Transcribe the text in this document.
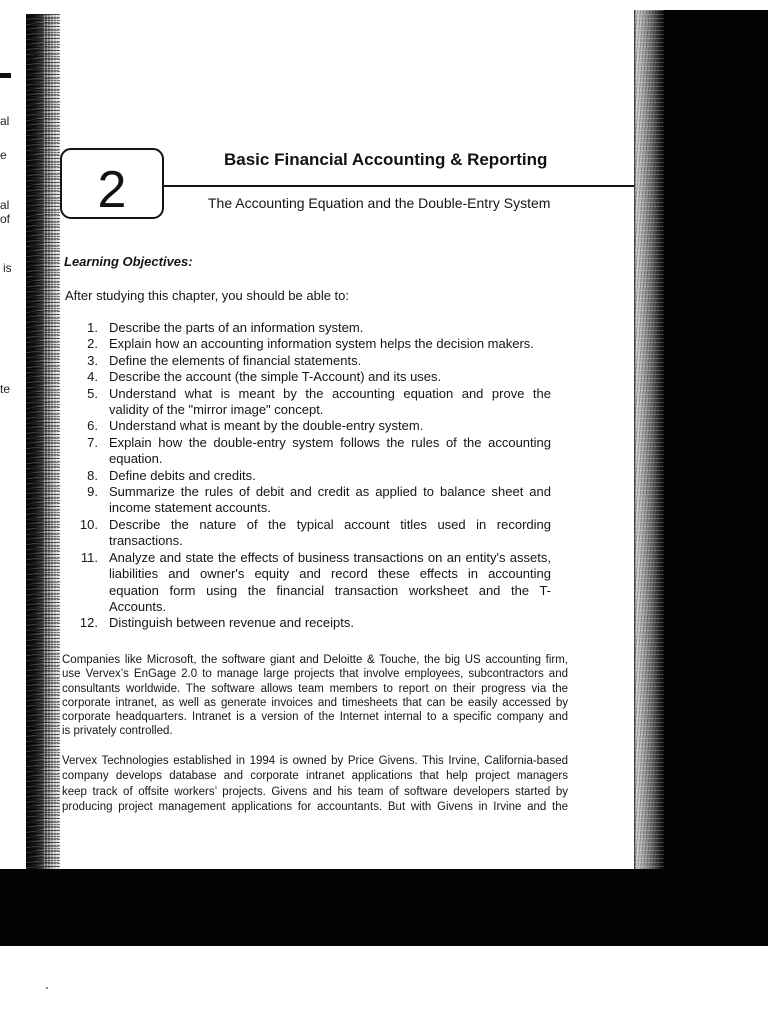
al
e
al
of
is
te
2
Basic Financial Accounting & Reporting
The Accounting Equation and the Double-Entry System
Learning Objectives:
After studying this chapter, you should be able to:
1. Describe the parts of an information system.
2. Explain how an accounting information system helps the decision makers.
3. Define the elements of financial statements.
4. Describe the account (the simple T-Account) and its uses.
5. Understand what is meant by the accounting equation and prove the
validity of the "mirror image" concept.
6. Understand what is meant by the double-entry system.
7. Explain how the double-entry system follows the rules of the accounting
equation.
8. Define debits and credits.
9. Summarize the rules of debit and credit as applied to balance sheet and
income statement accounts.
10. Describe the nature of the typical account titles used in recording
transactions.
11. Analyze and state the effects of business transactions on an entity's assets,
liabilities and owner's equity and record these effects in accounting
equation form using the financial transaction worksheet and the T-
Accounts.
12. Distinguish between revenue and receipts.
Companies like Microsoft, the software giant and Deloitte & Touche, the big US accounting firm,
use Vervex’s EnGage 2.0 to manage large projects that involve employees, subcontractors and
consultants worldwide. The software allows team members to report on their progress via the
corporate intranet, as well as generate invoices and timesheets that can be easily accessed by
corporate headquarters. Intranet is a version of the Internet internal to a specific company and
is privately controlled.
Vervex Technologies established in 1994 is owned by Price Givens. This Irvine, California-based
company develops database and corporate intranet applications that help project managers
keep track of offsite workers’ projects. Givens and his team of software developers started by
producing project management applications for accountants. But with Givens in Irvine and the
